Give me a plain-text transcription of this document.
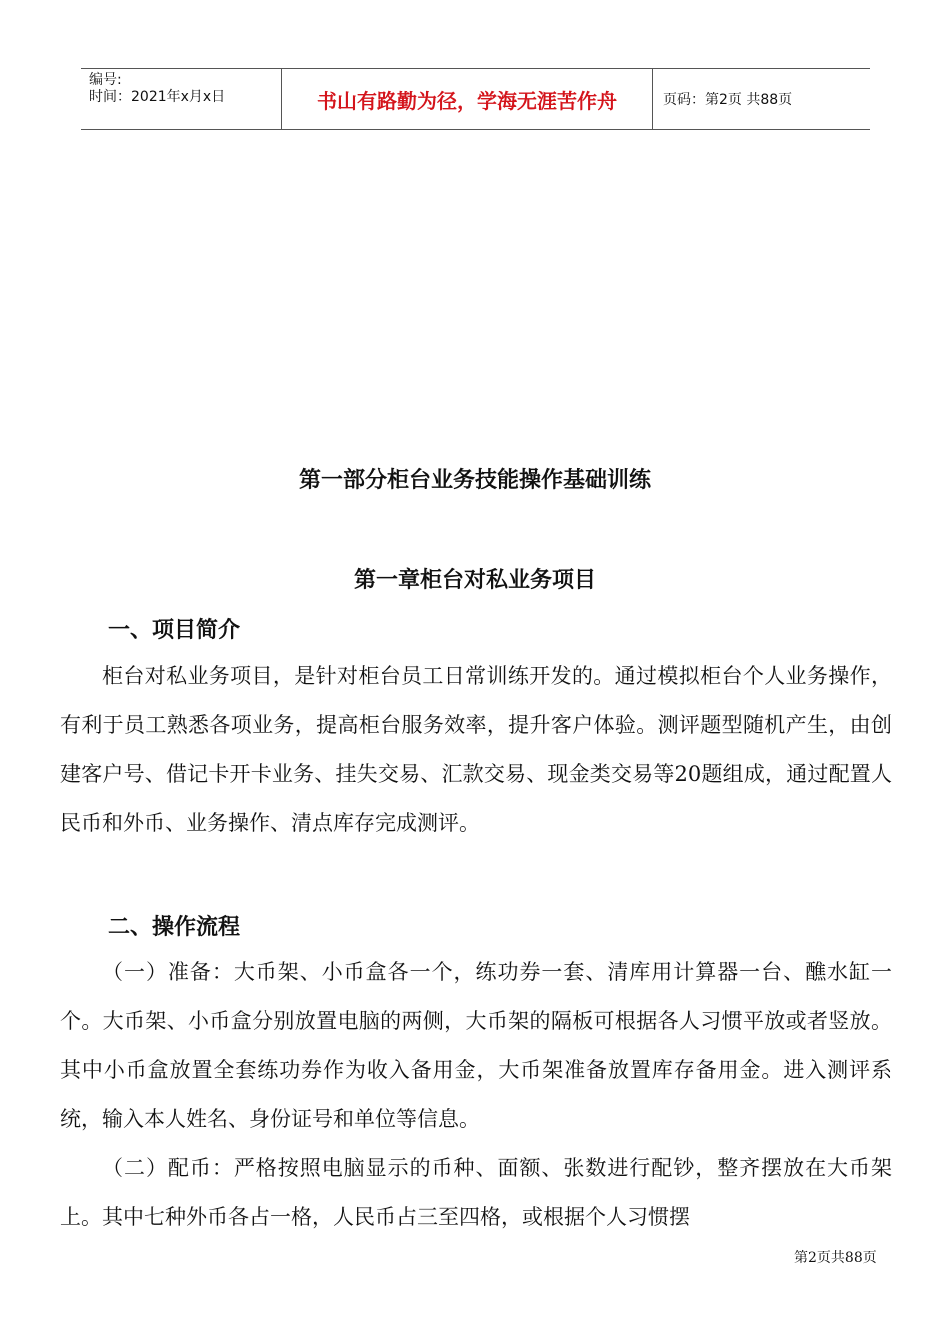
编号:
时间：2021年x月x日	书山有路勤为径，学海无涯苦作舟	页码：第2页 共88页
第一部分柜台业务技能操作基础训练
第一章柜台对私业务项目
一、项目简介

柜台对私业务项目，是针对柜台员工日常训练开发的。通过模拟柜台个人业务操作，有利于员工熟悉各项业务，提高柜台服务效率，提升客户体验。测评题型随机产生，由创建客户号、借记卡开卡业务、挂失交易、汇款交易、现金类交易等20题组成，通过配置人民币和外币、业务操作、清点库存完成测评。

二、操作流程

（一）准备：大币架、小币盒各一个，练功券一套、清库用计算器一台、醮水缸一个。大币架、小币盒分别放置电脑的两侧，大币架的隔板可根据各人习惯平放或者竖放。其中小币盒放置全套练功券作为收入备用金，大币架准备放置库存备用金。进入测评系统，输入本人姓名、身份证号和单位等信息。

（二）配币：严格按照电脑显示的币种、面额、张数进行配钞，整齐摆放在大币架上。其中七种外币各占一格，人民币占三至四格，或根据个人习惯摆

第2页共88页
